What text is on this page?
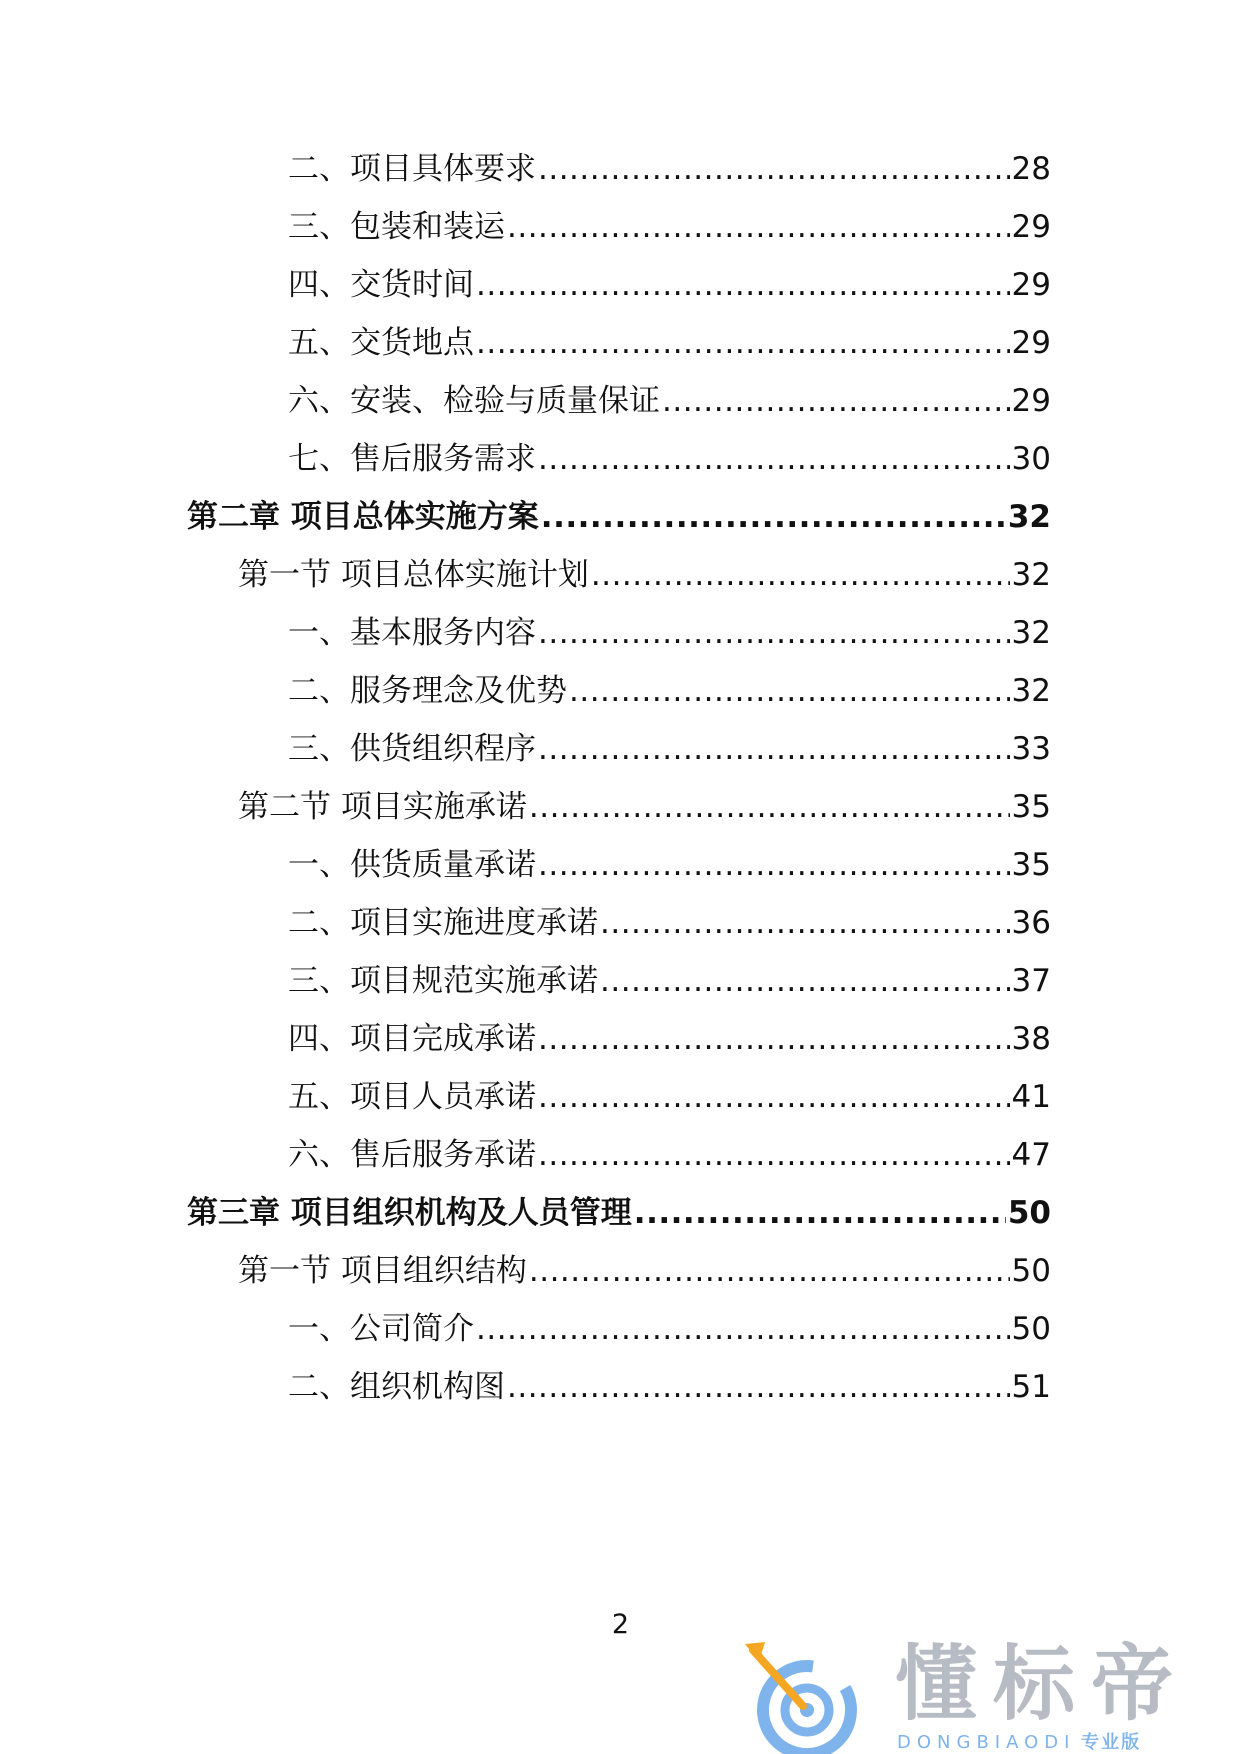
二、项目具体要求 .....	28
三、包装和装运 .....	29
四、交货时间 .....	29
五、交货地点 .....	29
六、安装、检验与质量保证 .....	29
七、售后服务需求 .....	30
第二章 项目总体实施方案 .....	32
第一节 项目总体实施计划 .....	32
一、基本服务内容 .....	32
二、服务理念及优势 .....	32
三、供货组织程序 .....	33
第二节 项目实施承诺 .....	35
一、供货质量承诺 .....	35
二、项目实施进度承诺 .....	36
三、项目规范实施承诺 .....	37
四、项目完成承诺 .....	38
五、项目人员承诺 .....	41
六、售后服务承诺 .....	47
第三章 项目组织机构及人员管理 .....	50
第一节 项目组织结构 .....	50
一、公司简介 .....	50
二、组织机构图 .....	51
2
懂标帝
DONGBIAODI 专业版
